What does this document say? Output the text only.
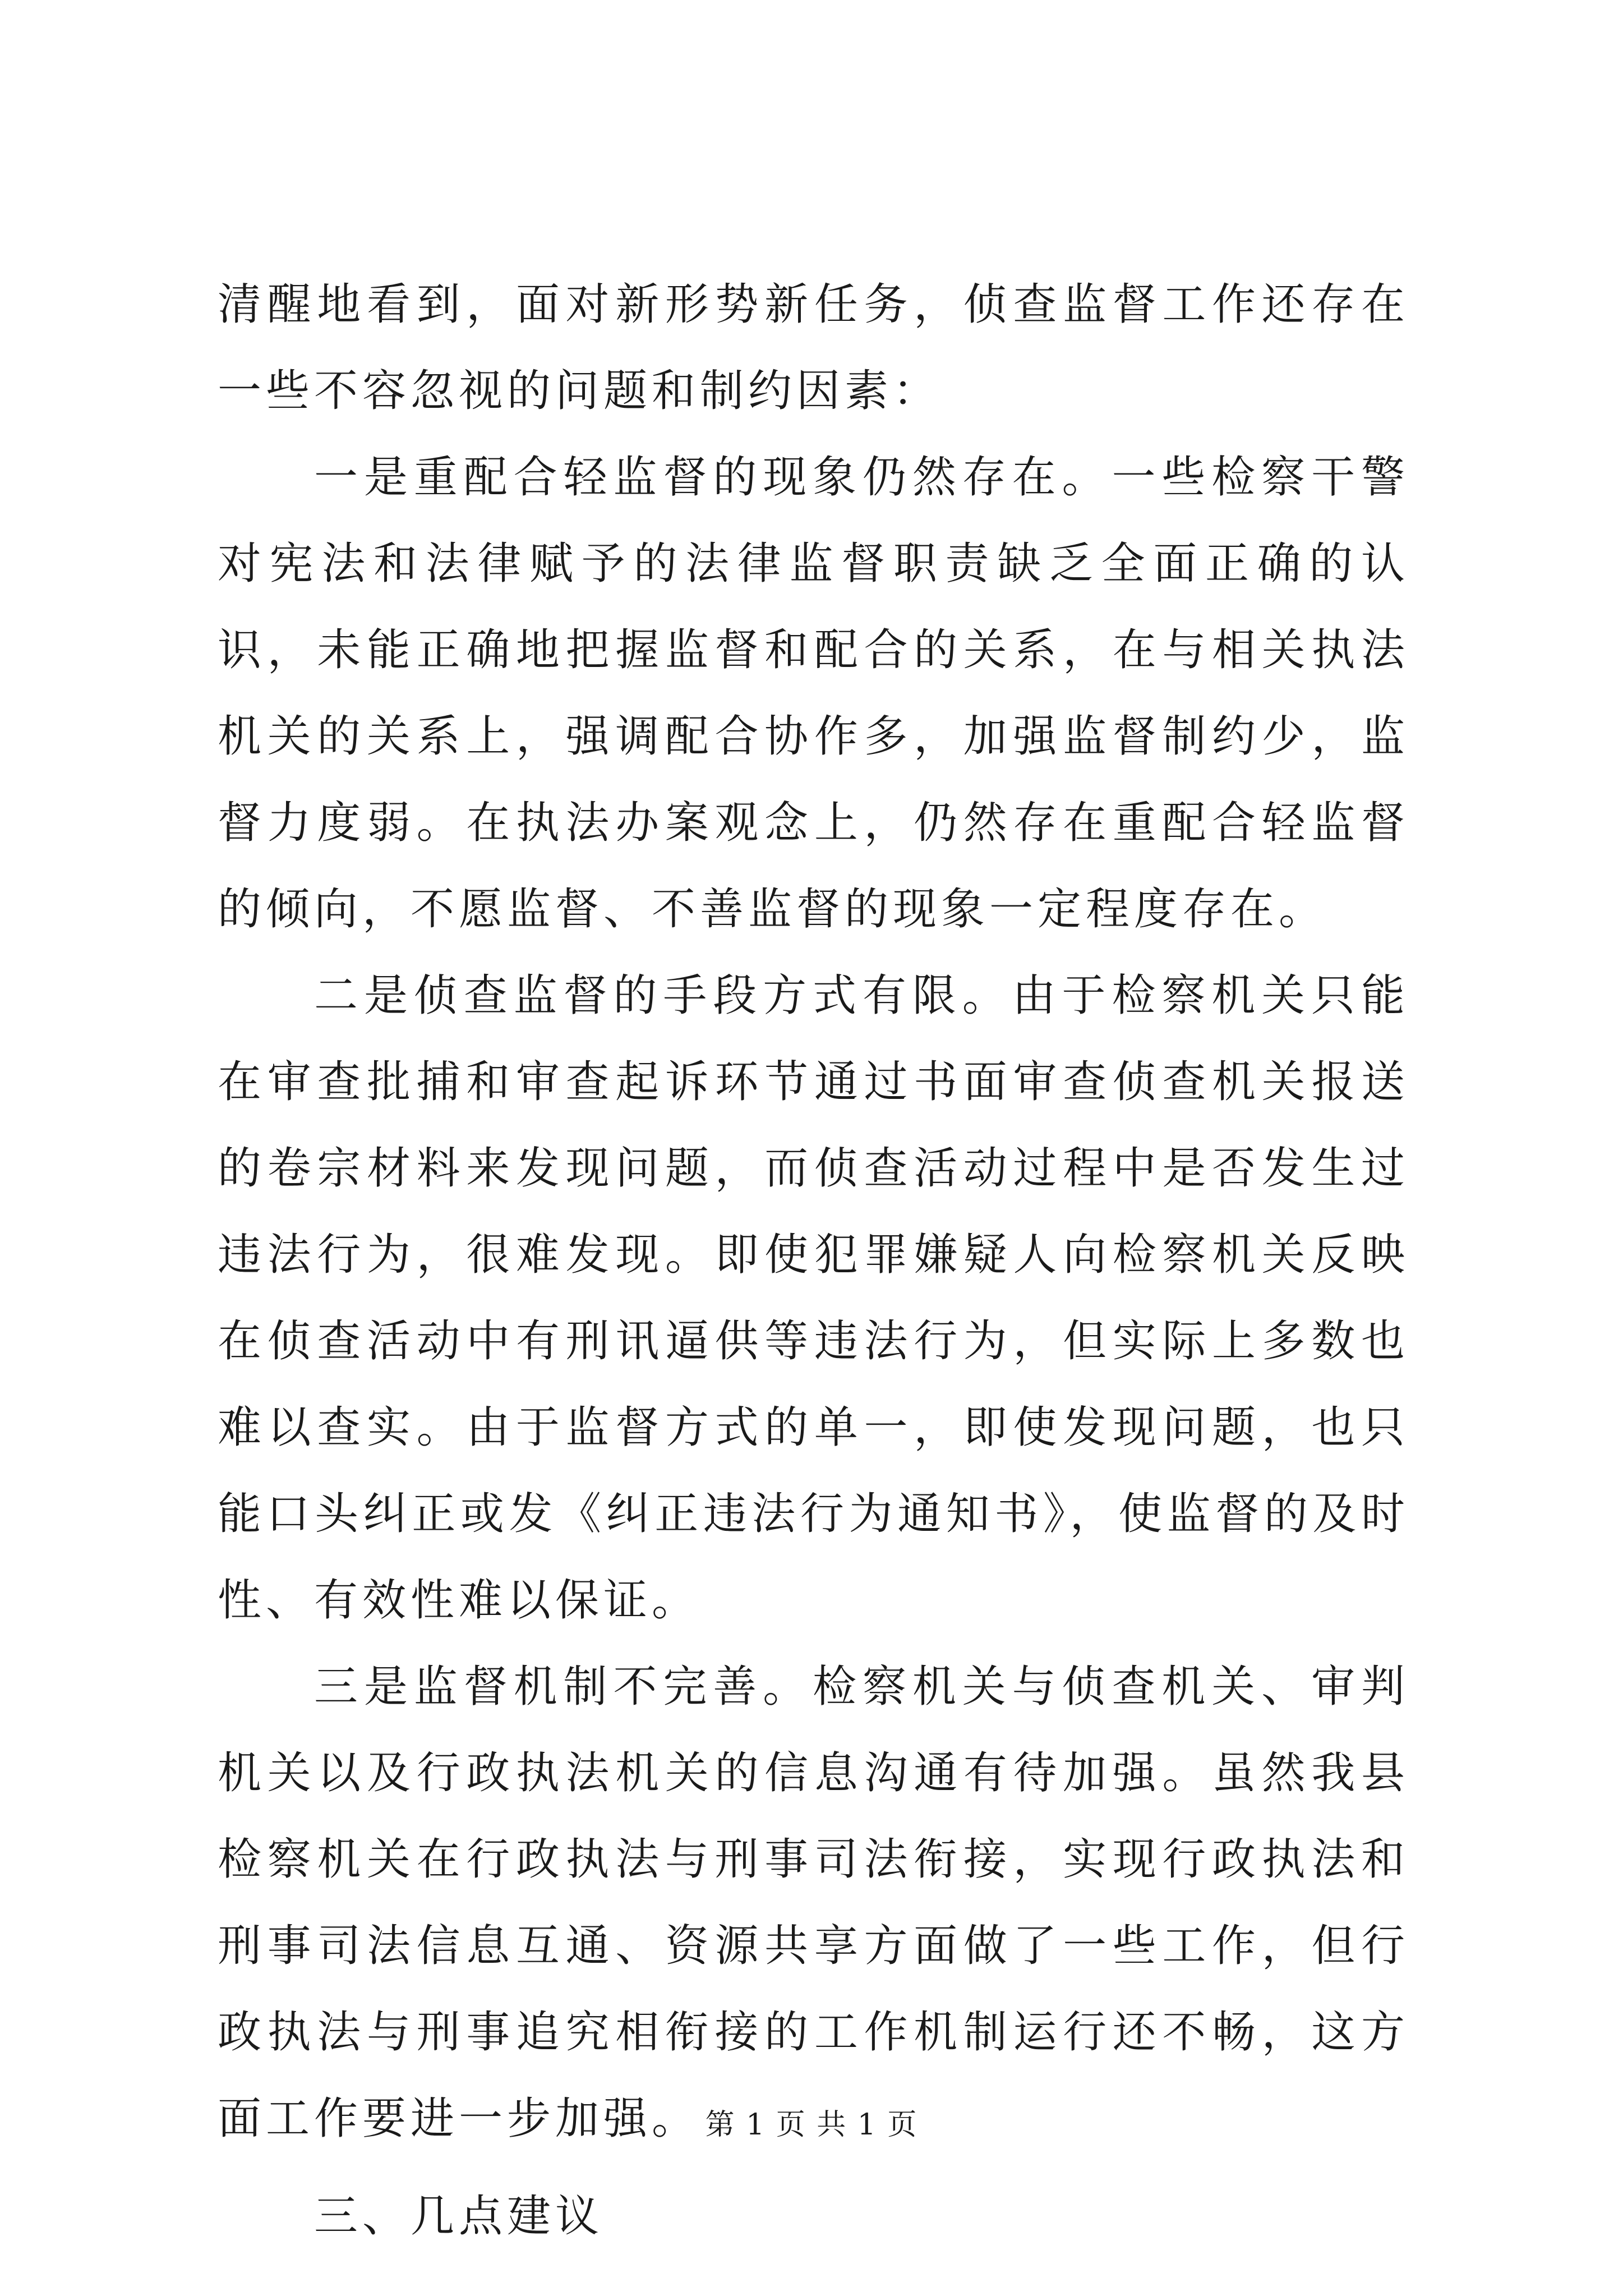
清醒地看到，面对新形势新任务，侦查监督工作还存在一些不容忽视的问题和制约因素：

一是重配合轻监督的现象仍然存在。一些检察干警对宪法和法律赋予的法律监督职责缺乏全面正确的认识，未能正确地把握监督和配合的关系，在与相关执法机关的关系上，强调配合协作多，加强监督制约少，监督力度弱。在执法办案观念上，仍然存在重配合轻监督的倾向，不愿监督、不善监督的现象一定程度存在。

二是侦查监督的手段方式有限。由于检察机关只能在审查批捕和审查起诉环节通过书面审查侦查机关报送的卷宗材料来发现问题，而侦查活动过程中是否发生过违法行为，很难发现。即使犯罪嫌疑人向检察机关反映在侦查活动中有刑讯逼供等违法行为，但实际上多数也难以查实。由于监督方式的单一，即使发现问题，也只能口头纠正或发《纠正违法行为通知书》，使监督的及时性、有效性难以保证。

三是监督机制不完善。检察机关与侦查机关、审判机关以及行政执法机关的信息沟通有待加强。虽然我县检察机关在行政执法与刑事司法衔接，实现行政执法和刑事司法信息互通、资源共享方面做了一些工作，但行政执法与刑事追究相衔接的工作机制运行还不畅，这方面工作要进一步加强。

三、几点建议

第 1 页 共 1 页
